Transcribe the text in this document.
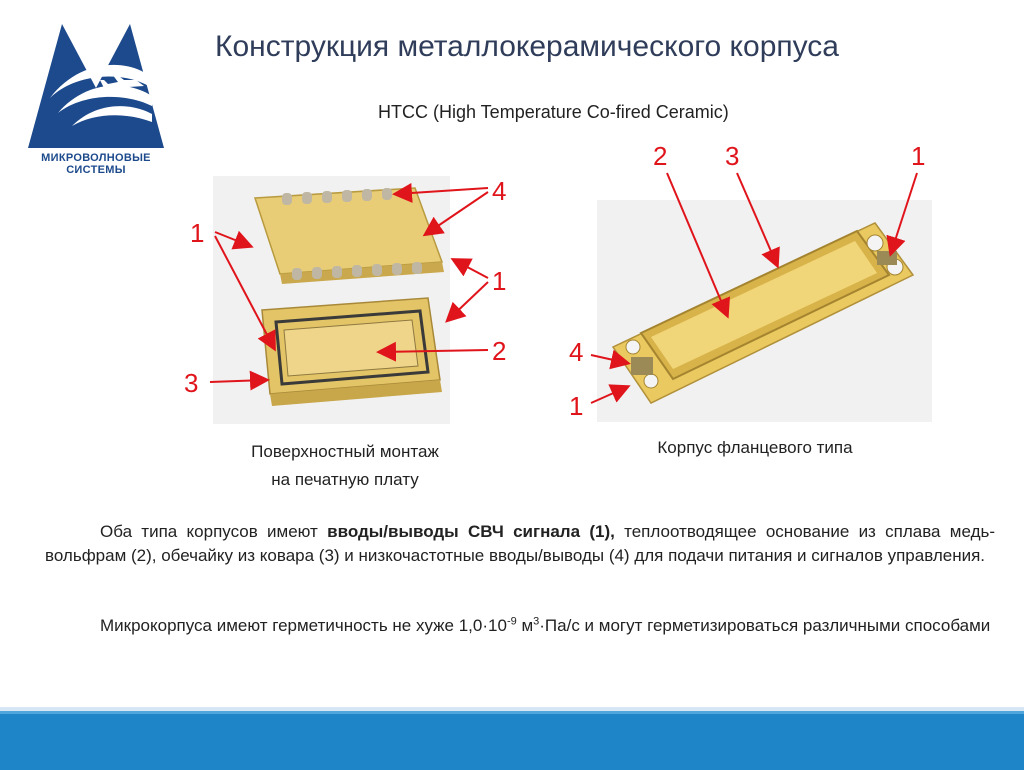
МИКРОВОЛНОВЫЕ
СИСТЕМЫ
Конструкция металлокерамического корпуса
HTCC (High Temperature Co-fired Ceramic)
1
4
1
2
3
Поверхностный монтаж
на печатную плату
2 3	1
4
1
Корпус фланцевого типа
Оба типа корпусов имеют вводы/выводы СВЧ сигнала (1), теплоотводящее основание из сплава медь-вольфрам (2), обечайку из ковара (3) и низкочастотные вводы/выводы (4) для подачи питания и сигналов управления.
Микрокорпуса имеют герметичность не хуже $1,0\cdot 10^{-9}$ $м^3\cdot Па/с$ и могут герметизироваться различными способами
